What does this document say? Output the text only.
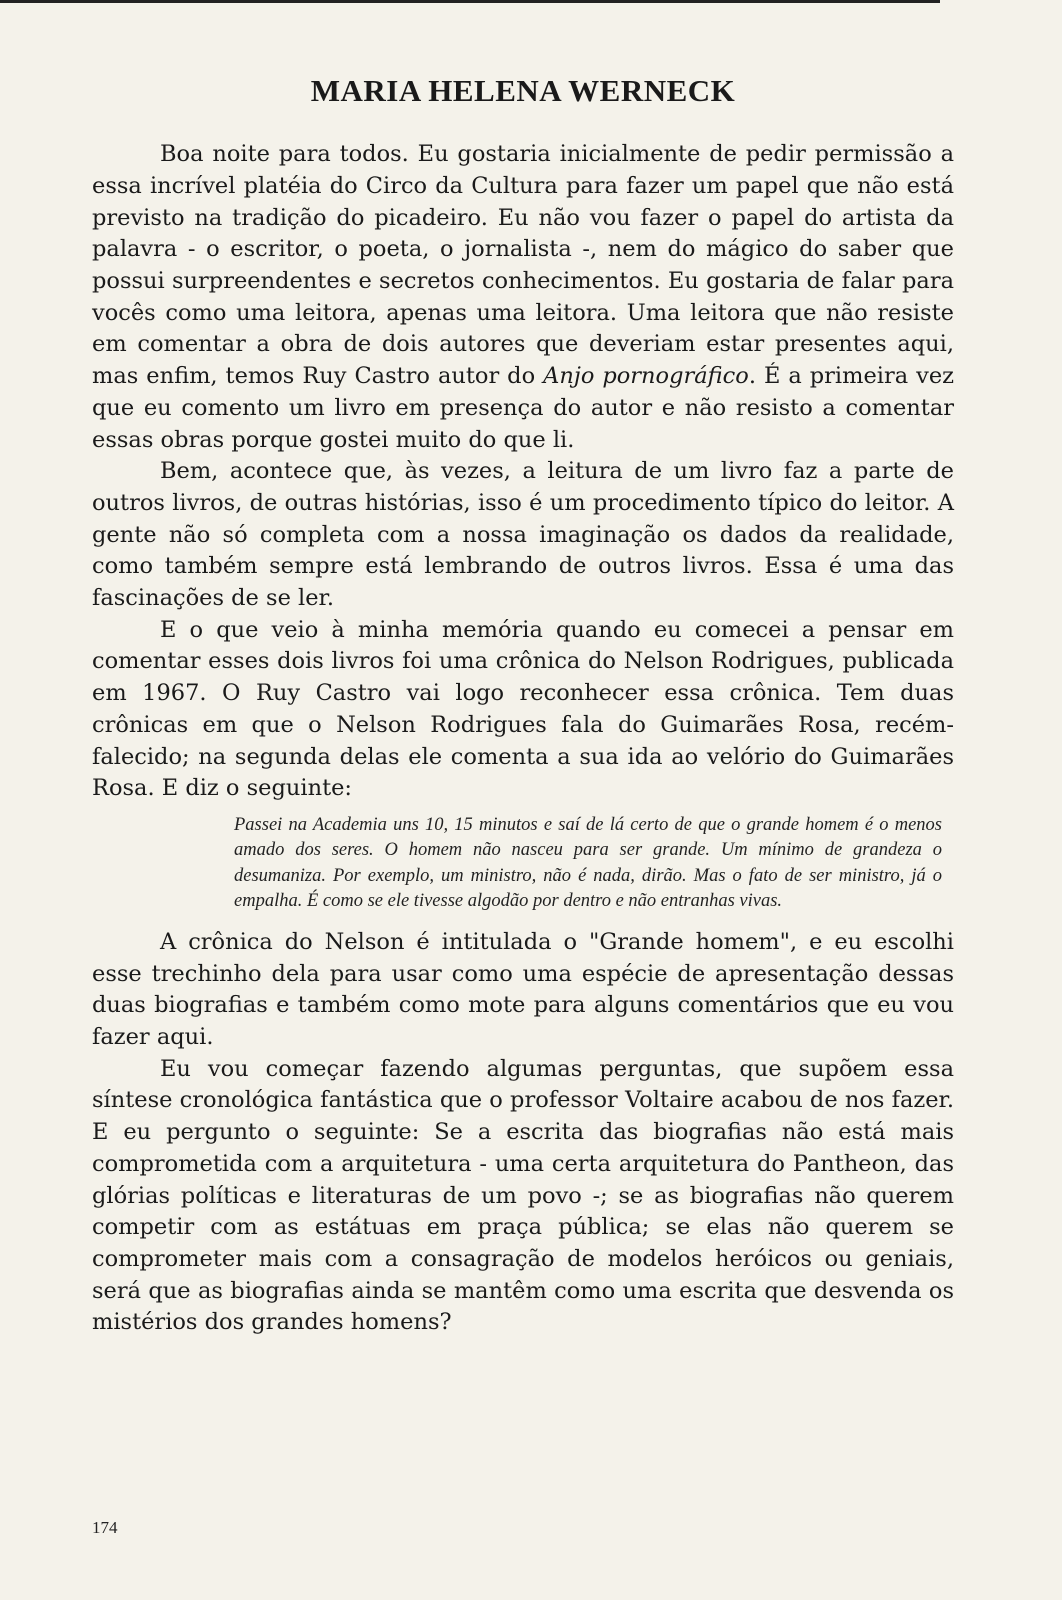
MARIA HELENA WERNECK

Boa noite para todos. Eu gostaria inicialmente de pedir permissão a essa incrível platéia do Circo da Cultura para fazer um papel que não está previsto na tradição do picadeiro. Eu não vou fazer o papel do artista da palavra - o escritor, o poeta, o jornalista -, nem do mágico do saber que possui surpreendentes e secretos conhecimentos. Eu gostaria de falar para vocês como uma leitora, apenas uma leitora. Uma leitora que não resiste em comentar a obra de dois autores que deveriam estar presentes aqui, mas enfim, temos Ruy Castro autor do Anjo pornográfico. É a primeira vez que eu comento um livro em presença do autor e não resisto a comentar essas obras porque gostei muito do que li.

Bem, acontece que, às vezes, a leitura de um livro faz a parte de outros livros, de outras histórias, isso é um procedimento típico do leitor. A gente não só completa com a nossa imaginação os dados da realidade, como também sempre está lembrando de outros livros. Essa é uma das fascinações de se ler.

E o que veio à minha memória quando eu comecei a pensar em comentar esses dois livros foi uma crônica do Nelson Rodrigues, publicada em 1967. O Ruy Castro vai logo reconhecer essa crônica. Tem duas crônicas em que o Nelson Rodrigues fala do Guimarães Rosa, recém-falecido; na segunda delas ele comenta a sua ida ao velório do Guimarães Rosa. E diz o seguinte:

Passei na Academia uns 10, 15 minutos e saí de lá certo de que o grande homem é o menos amado dos seres. O homem não nasceu para ser grande. Um mínimo de grandeza o desumaniza. Por exemplo, um ministro, não é nada, dirão. Mas o fato de ser ministro, já o empalha. É como se ele tivesse algodão por dentro e não entranhas vivas.

A crônica do Nelson é intitulada o "Grande homem", e eu escolhi esse trechinho dela para usar como uma espécie de apresentação dessas duas biografias e também como mote para alguns comentários que eu vou fazer aqui.

Eu vou começar fazendo algumas perguntas, que supõem essa síntese cronológica fantástica que o professor Voltaire acabou de nos fazer. E eu pergunto o seguinte: Se a escrita das biografias não está mais comprometida com a arquitetura - uma certa arquitetura do Pantheon, das glórias políticas e literaturas de um povo -; se as biografias não querem competir com as estátuas em praça pública; se elas não querem se comprometer mais com a consagração de modelos heróicos ou geniais, será que as biografias ainda se mantêm como uma escrita que desvenda os mistérios dos grandes homens?

174
